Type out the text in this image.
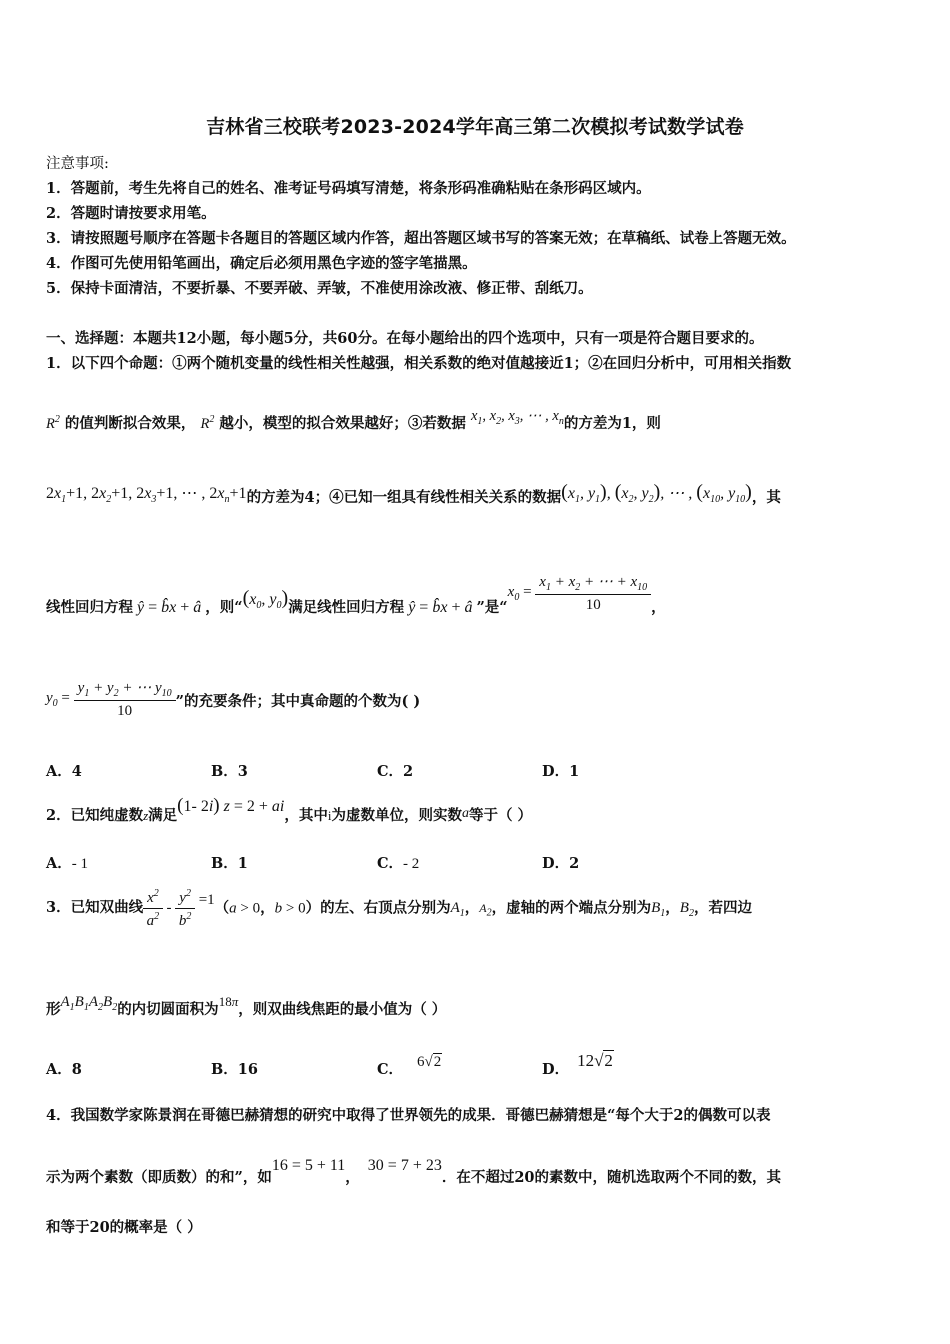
吉林省三校联考2023-2024学年高三第二次模拟考试数学试卷
注意事项:
1．答题前，考生先将自己的姓名、准考证号码填写清楚，将条形码准确粘贴在条形码区域内。
2．答题时请按要求用笔。
3．请按照题号顺序在答题卡各题目的答题区域内作答，超出答题区域书写的答案无效；在草稿纸、试卷上答题无效。
4．作图可先使用铅笔画出，确定后必须用黑色字迹的签字笔描黑。
5．保持卡面清洁，不要折暴、不要弄破、弄皱，不准使用涂改液、修正带、刮纸刀。
一、选择题：本题共12小题，每小题5分，共60分。在每小题给出的四个选项中，只有一项是符合题目要求的。
1．以下四个命题：①两个随机变量的线性相关性越强，相关系数的绝对值越接近1；②在回归分析中，可用相关指数
$R^2$ 的值判断拟合效果， $R^2$ 越小，模型的拟合效果越好；③若数据 $x_1$, $x_2$, $x_3$, ⋯ , $x_n$的方差为1，则
$2x_1+1$, $2x_2+1$, $2x_3+1$, ⋯ , $2x_n+1$的方差为4；④已知一组具有线性相关关系的数据($x_1$, $y_1$), ($x_2$, $y_2$), ⋯ , ($x_{10}$, $y_{10}$)，其
线性回归方程 ŷ = b̂x + â ，则“($x_0$, $y_0$)满足线性回归方程 ŷ = b̂x + â ”是“$x_0 = \frac{x_1 + x_2 + \cdots + x_{10}}{10}$ ，
$y_0 = \frac{y_1 + y_2 + \cdots y_{10}}{10}$ ”的充要条件；其中真命题的个数为( )
A．4	B．3	C．2	D．1
2．已知纯虚数z满足(1- 2i) z = 2 + ai，其中i为虚数单位，则实数a等于（ ）
A．- 1	B．1	C．- 2	D．2
3．已知双曲线 $\frac{x^2}{a^2} - \frac{y^2}{b^2} =1(a > 0$，b > 0）的左、右顶点分别为$A_1$，$A_2$，虚轴的两个端点分别为$B_1$，$B_2$，若四边
形$A_1B_1A_2B_2$的内切圆面积为18π，则双曲线焦距的最小值为（ ）
A．8	B．16	C． 6√2	D． 12√2
4．我国数学家陈景润在哥德巴赫猜想的研究中取得了世界领先的成果．哥德巴赫猜想是“每个大于2的偶数可以表
示为两个素数（即质数）的和”，如16 = 5 + 11，30 = 7 + 23．在不超过20的素数中，随机选取两个不同的数，其
和等于20的概率是（ ）
